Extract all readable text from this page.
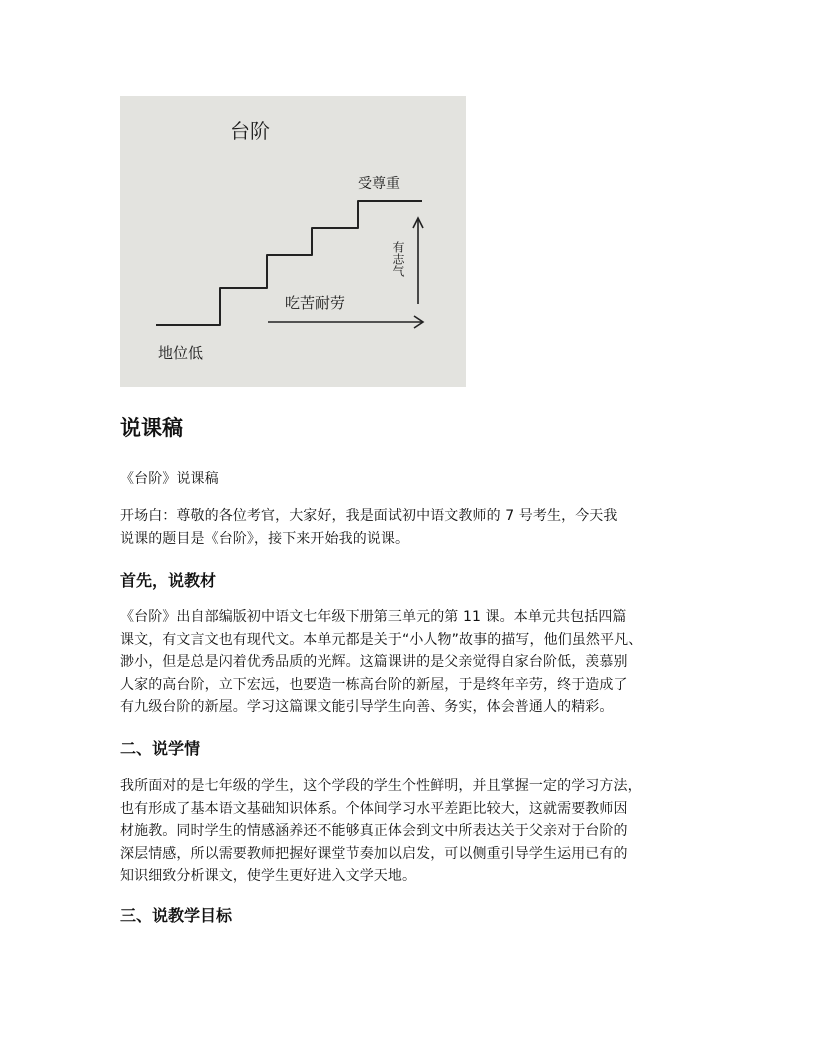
台阶
受尊重
吃苦耐劳
地位低
有志气
说课稿

《台阶》说课稿

开场白：尊敬的各位考官，大家好，我是面试初中语文教师的 7 号考生，今天我
说课的题目是《台阶》，接下来开始我的说课。

首先，说教材

《台阶》出自部编版初中语文七年级下册第三单元的第 11 课。本单元共包括四篇
课文，有文言文也有现代文。本单元都是关于“小人物”故事的描写，他们虽然平凡、
渺小，但是总是闪着优秀品质的光辉。这篇课讲的是父亲觉得自家台阶低，羡慕别
人家的高台阶，立下宏远，也要造一栋高台阶的新屋，于是终年辛劳，终于造成了
有九级台阶的新屋。学习这篇课文能引导学生向善、务实，体会普通人的精彩。

二、说学情

我所面对的是七年级的学生，这个学段的学生个性鲜明，并且掌握一定的学习方法，
也有形成了基本语文基础知识体系。个体间学习水平差距比较大，这就需要教师因
材施教。同时学生的情感涵养还不能够真正体会到文中所表达关于父亲对于台阶的
深层情感，所以需要教师把握好课堂节奏加以启发，可以侧重引导学生运用已有的
知识细致分析课文，使学生更好进入文学天地。

三、说教学目标
